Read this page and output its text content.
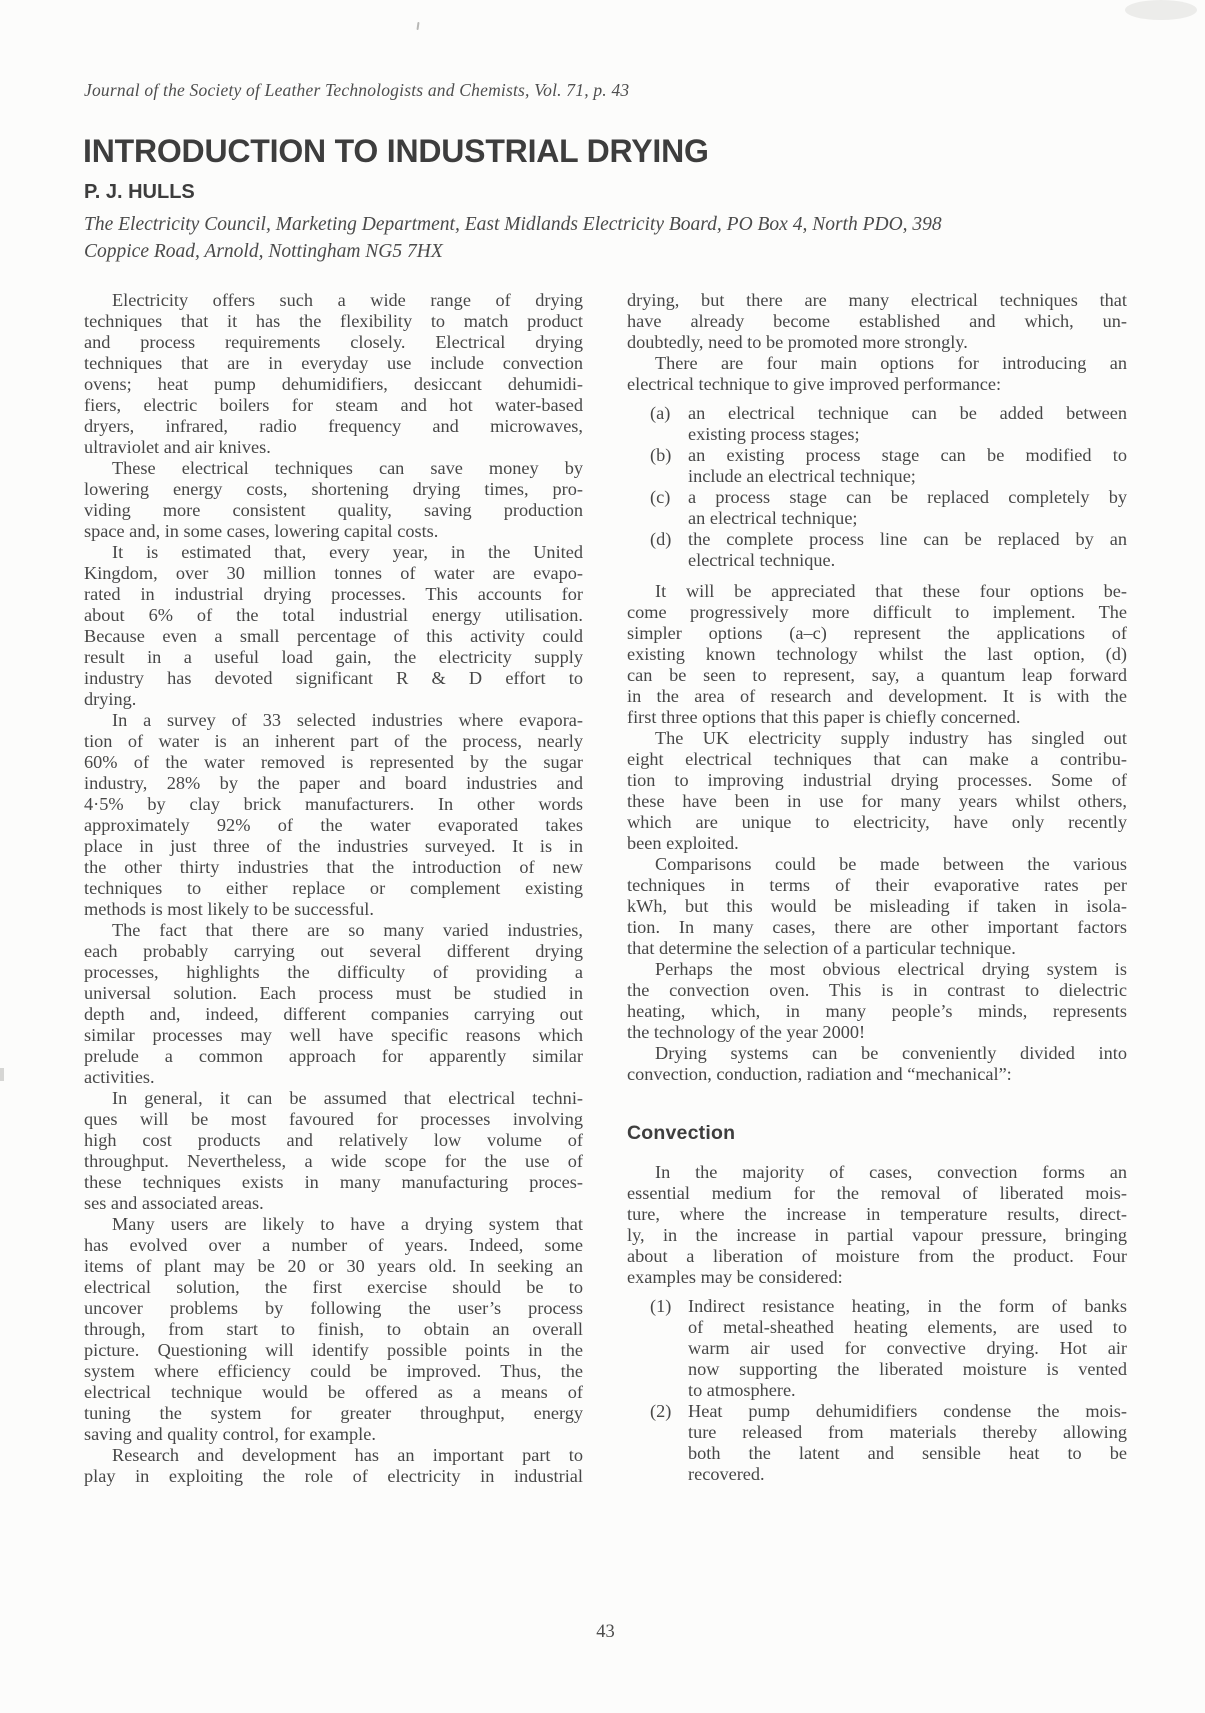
Journal of the Society of Leather Technologists and Chemists, Vol. 71, p. 43
INTRODUCTION TO INDUSTRIAL DRYING
P. J. HULLS
The Electricity Council, Marketing Department, East Midlands Electricity Board, PO Box 4, North PDO, 398
Coppice Road, Arnold, Nottingham NG5 7HX
Electricity offers such a wide range of drying
techniques that it has the flexibility to match product
and process requirements closely. Electrical drying
techniques that are in everyday use include convection
ovens; heat pump dehumidifiers, desiccant dehumidi-
fiers, electric boilers for steam and hot water-based
dryers, infrared, radio frequency and microwaves,
ultraviolet and air knives.
These electrical techniques can save money by
lowering energy costs, shortening drying times, pro-
viding more consistent quality, saving production
space and, in some cases, lowering capital costs.
It is estimated that, every year, in the United
Kingdom, over 30 million tonnes of water are evapo-
rated in industrial drying processes. This accounts for
about 6% of the total industrial energy utilisation.
Because even a small percentage of this activity could
result in a useful load gain, the electricity supply
industry has devoted significant R & D effort to
drying.
In a survey of 33 selected industries where evapora-
tion of water is an inherent part of the process, nearly
60% of the water removed is represented by the sugar
industry, 28% by the paper and board industries and
4·5% by clay brick manufacturers. In other words
approximately 92% of the water evaporated takes
place in just three of the industries surveyed. It is in
the other thirty industries that the introduction of new
techniques to either replace or complement existing
methods is most likely to be successful.
The fact that there are so many varied industries,
each probably carrying out several different drying
processes, highlights the difficulty of providing a
universal solution. Each process must be studied in
depth and, indeed, different companies carrying out
similar processes may well have specific reasons which
prelude a common approach for apparently similar
activities.
In general, it can be assumed that electrical techni-
ques will be most favoured for processes involving
high cost products and relatively low volume of
throughput. Nevertheless, a wide scope for the use of
these techniques exists in many manufacturing proces-
ses and associated areas.
Many users are likely to have a drying system that
has evolved over a number of years. Indeed, some
items of plant may be 20 or 30 years old. In seeking an
electrical solution, the first exercise should be to
uncover problems by following the user’s process
through, from start to finish, to obtain an overall
picture. Questioning will identify possible points in the
system where efficiency could be improved. Thus, the
electrical technique would be offered as a means of
tuning the system for greater throughput, energy
saving and quality control, for example.
Research and development has an important part to
play in exploiting the role of electricity in industrial
drying, but there are many electrical techniques that
have already become established and which, un-
doubtedly, need to be promoted more strongly.
There are four main options for introducing an
electrical technique to give improved performance:
(a) an electrical technique can be added between
existing process stages;
(b) an existing process stage can be modified to
include an electrical technique;
(c) a process stage can be replaced completely by
an electrical technique;
(d) the complete process line can be replaced by an
electrical technique.
It will be appreciated that these four options be-
come progressively more difficult to implement. The
simpler options (a–c) represent the applications of
existing known technology whilst the last option, (d)
can be seen to represent, say, a quantum leap forward
in the area of research and development. It is with the
first three options that this paper is chiefly concerned.
The UK electricity supply industry has singled out
eight electrical techniques that can make a contribu-
tion to improving industrial drying processes. Some of
these have been in use for many years whilst others,
which are unique to electricity, have only recently
been exploited.
Comparisons could be made between the various
techniques in terms of their evaporative rates per
kWh, but this would be misleading if taken in isola-
tion. In many cases, there are other important factors
that determine the selection of a particular technique.
Perhaps the most obvious electrical drying system is
the convection oven. This is in contrast to dielectric
heating, which, in many people’s minds, represents
the technology of the year 2000!
Drying systems can be conveniently divided into
convection, conduction, radiation and “mechanical”:
Convection
In the majority of cases, convection forms an
essential medium for the removal of liberated mois-
ture, where the increase in temperature results, direct-
ly, in the increase in partial vapour pressure, bringing
about a liberation of moisture from the product. Four
examples may be considered:
(1) Indirect resistance heating, in the form of banks
of metal-sheathed heating elements, are used to
warm air used for convective drying. Hot air
now supporting the liberated moisture is vented
to atmosphere.
(2) Heat pump dehumidifiers condense the mois-
ture released from materials thereby allowing
both the latent and sensible heat to be
recovered.
43
